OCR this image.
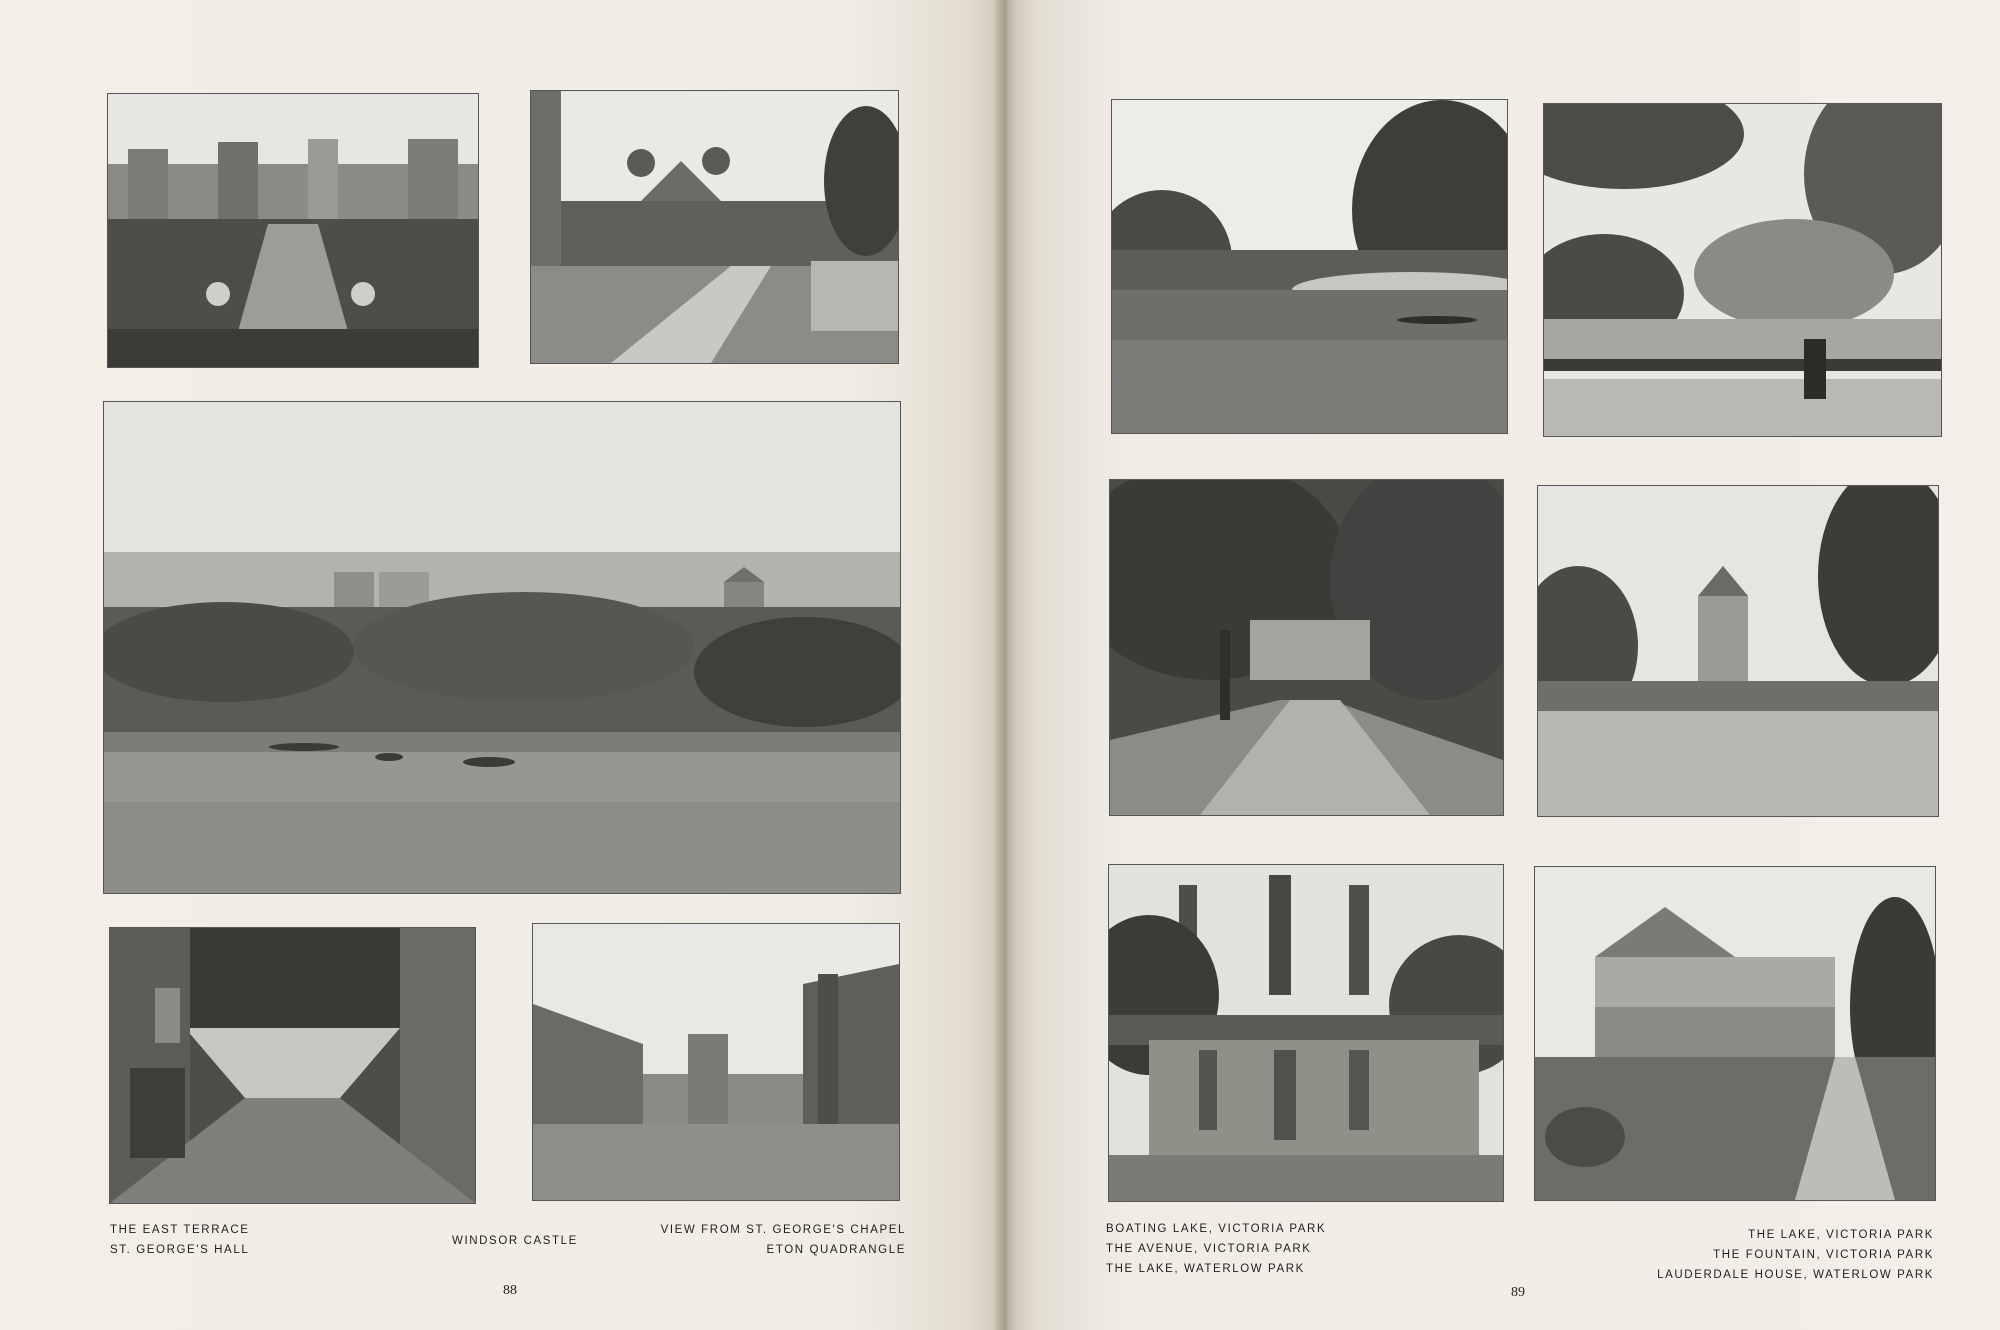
THE EAST TERRACE
ST. GEORGE'S HALL
WINDSOR CASTLE
VIEW FROM ST. GEORGE'S CHAPEL
ETON QUADRANGLE
88
BOATING LAKE, VICTORIA PARK
THE AVENUE, VICTORIA PARK
THE LAKE, WATERLOW PARK
THE LAKE, VICTORIA PARK
THE FOUNTAIN, VICTORIA PARK
LAUDERDALE HOUSE, WATERLOW PARK
89
